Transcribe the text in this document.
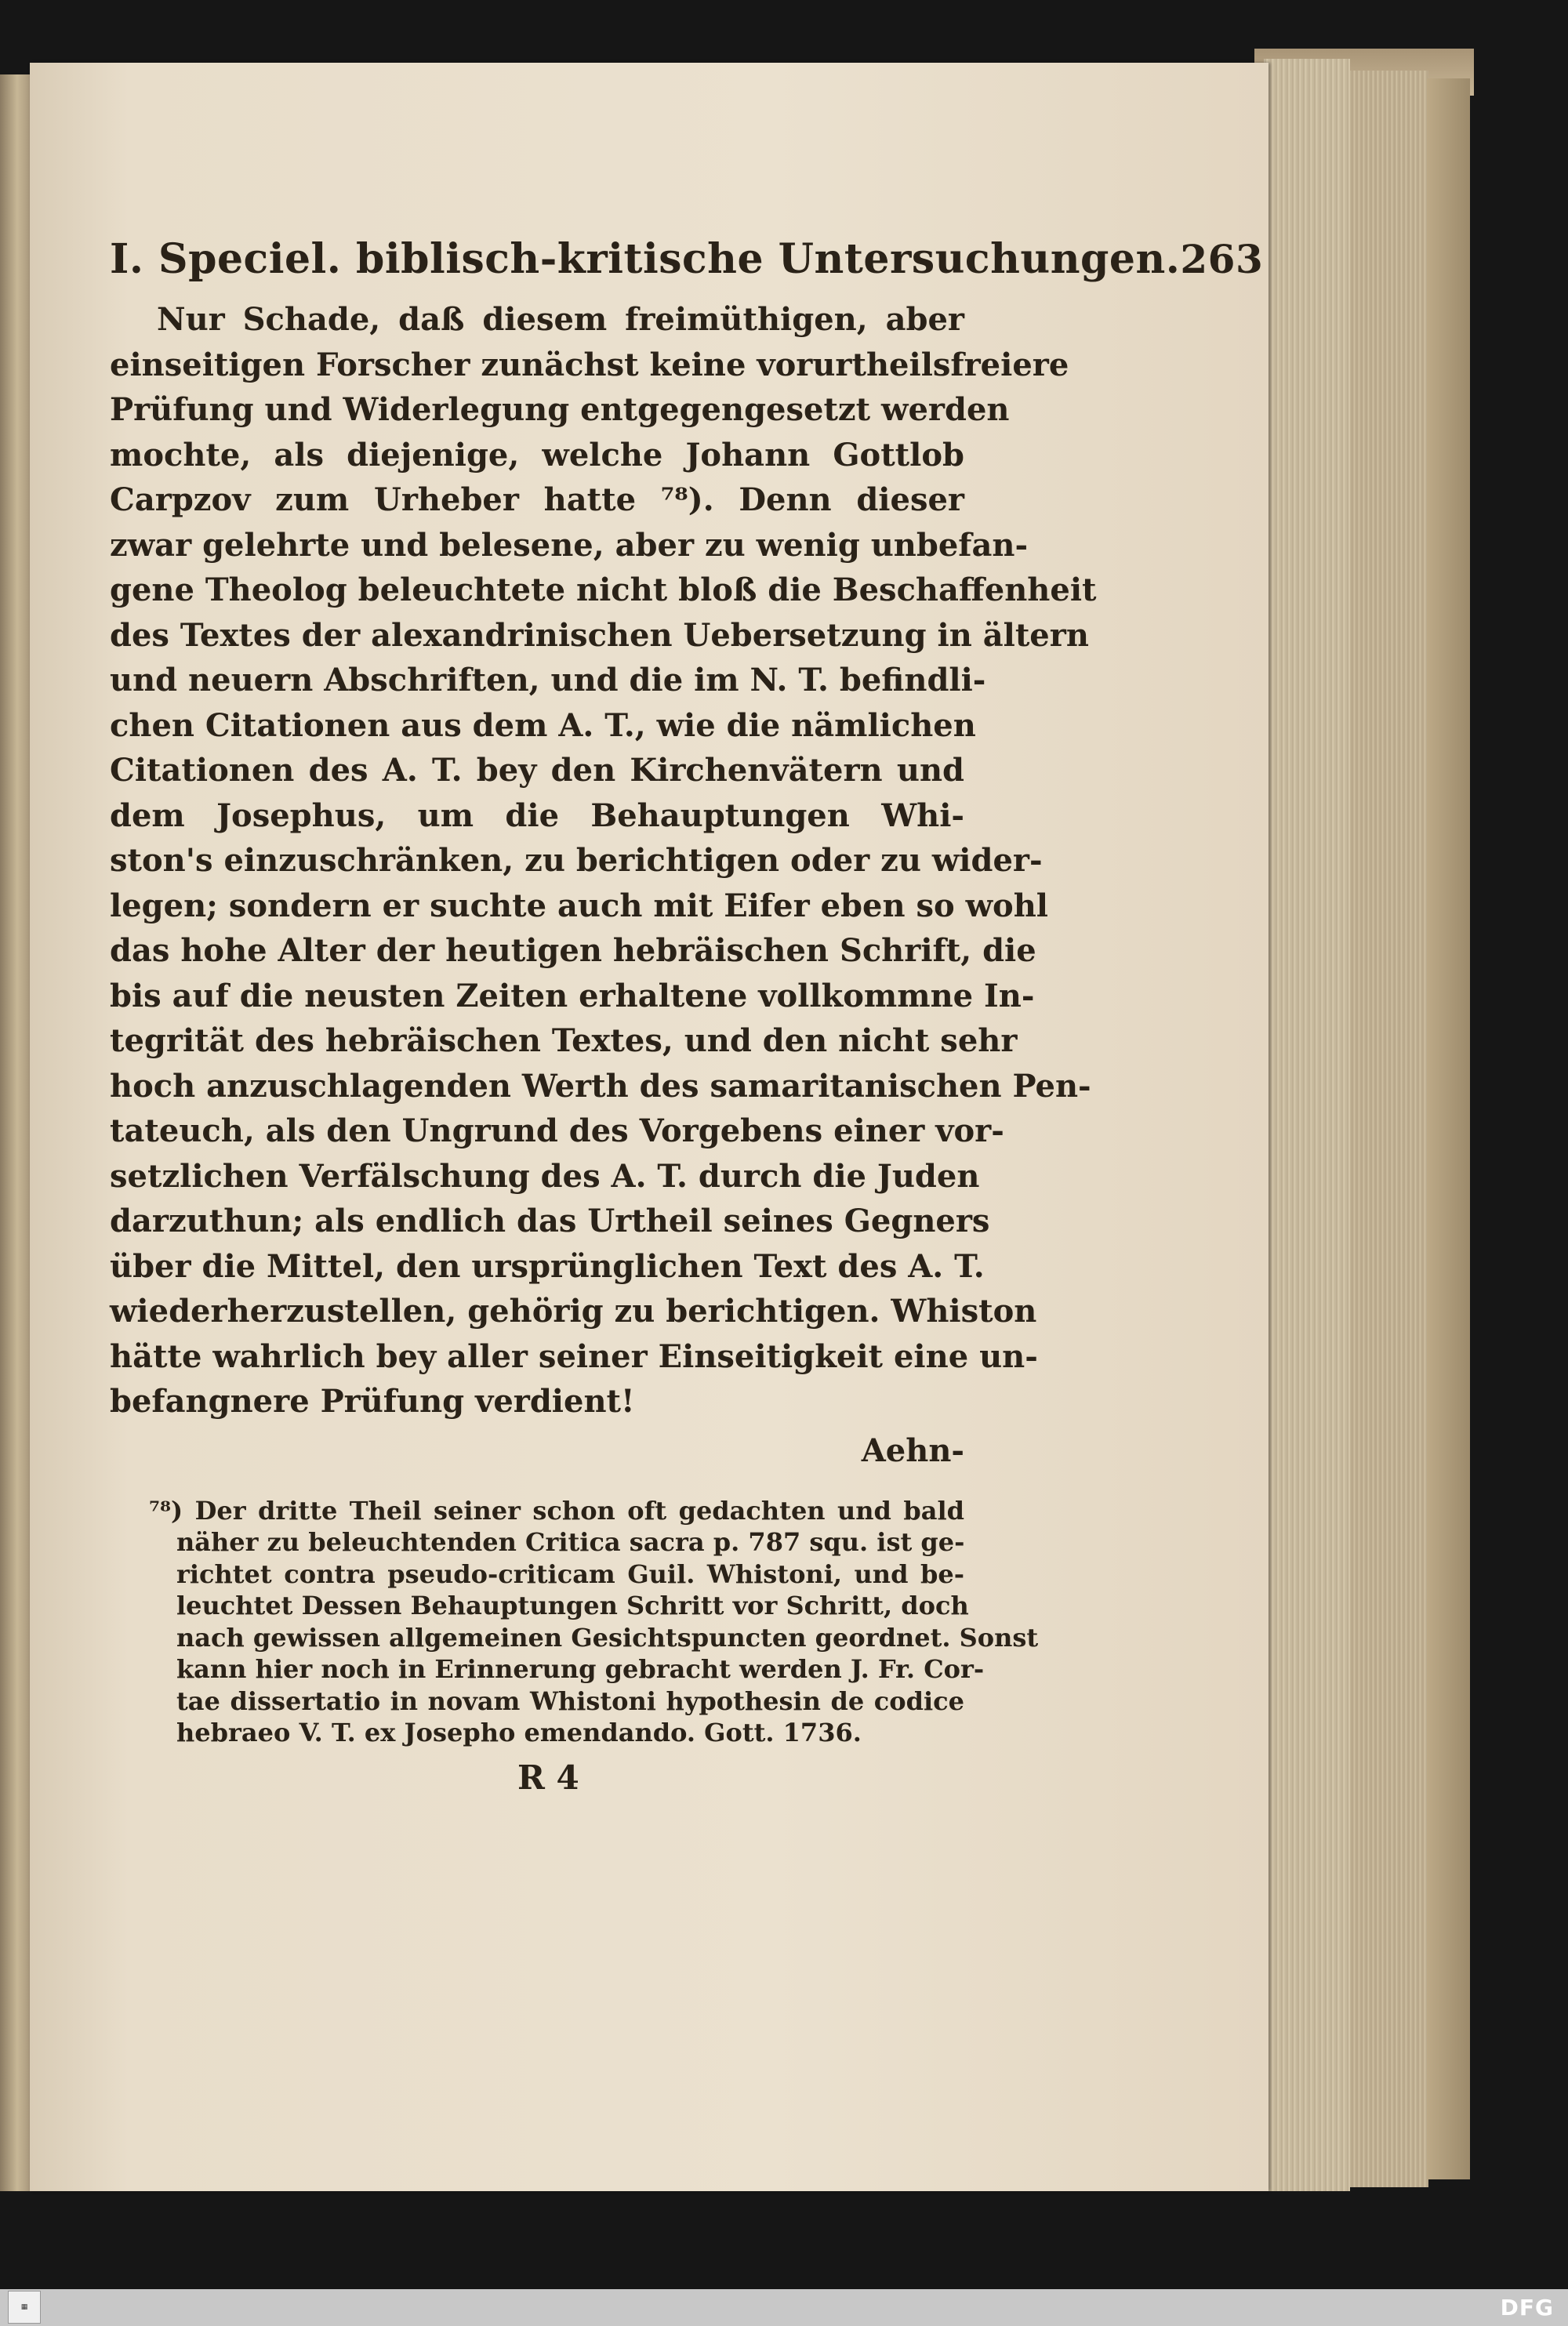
I. Speciel. biblisch-kritische Untersuchungen. 263
Nur Schade, daß diesem freimüthigen, aber
einseitigen Forscher zunächst keine vorurtheilsfreiere
Prüfung und Widerlegung entgegengesetzt werden
mochte, als diejenige, welche Johann Gottlob
Carpzov zum Urheber hatte ⁷⁸). Denn dieser
zwar gelehrte und belesene, aber zu wenig unbefan-
gene Theolog beleuchtete nicht bloß die Beschaffenheit
des Textes der alexandrinischen Uebersetzung in ältern
und neuern Abschriften, und die im N. T. befindli-
chen Citationen aus dem A. T., wie die nämlichen
Citationen des A. T. bey den Kirchenvätern und
dem Josephus, um die Behauptungen Whi-
ston's einzuschränken, zu berichtigen oder zu wider-
legen; sondern er suchte auch mit Eifer eben so wohl
das hohe Alter der heutigen hebräischen Schrift, die
bis auf die neusten Zeiten erhaltene vollkommne In-
tegrität des hebräischen Textes, und den nicht sehr
hoch anzuschlagenden Werth des samaritanischen Pen-
tateuch, als den Ungrund des Vorgebens einer vor-
setzlichen Verfälschung des A. T. durch die Juden
darzuthun; als endlich das Urtheil seines Gegners
über die Mittel, den ursprünglichen Text des A. T.
wiederherzustellen, gehörig zu berichtigen. Whiston
hätte wahrlich bey aller seiner Einseitigkeit eine un-
befangnere Prüfung verdient!
Aehn-
⁷⁸) Der dritte Theil seiner schon oft gedachten und bald
näher zu beleuchtenden Critica sacra p. 787 squ. ist ge-
richtet contra pseudo-criticam Guil. Whistoni, und be-
leuchtet Dessen Behauptungen Schritt vor Schritt, doch
nach gewissen allgemeinen Gesichtspuncten geordnet. Sonst
kann hier noch in Erinnerung gebracht werden J. Fr. Cor-
tae dissertatio in novam Whistoni hypothesin de codice
hebraeo V. T. ex Josepho emendando. Gott. 1736.
R 4
▦	DFG
